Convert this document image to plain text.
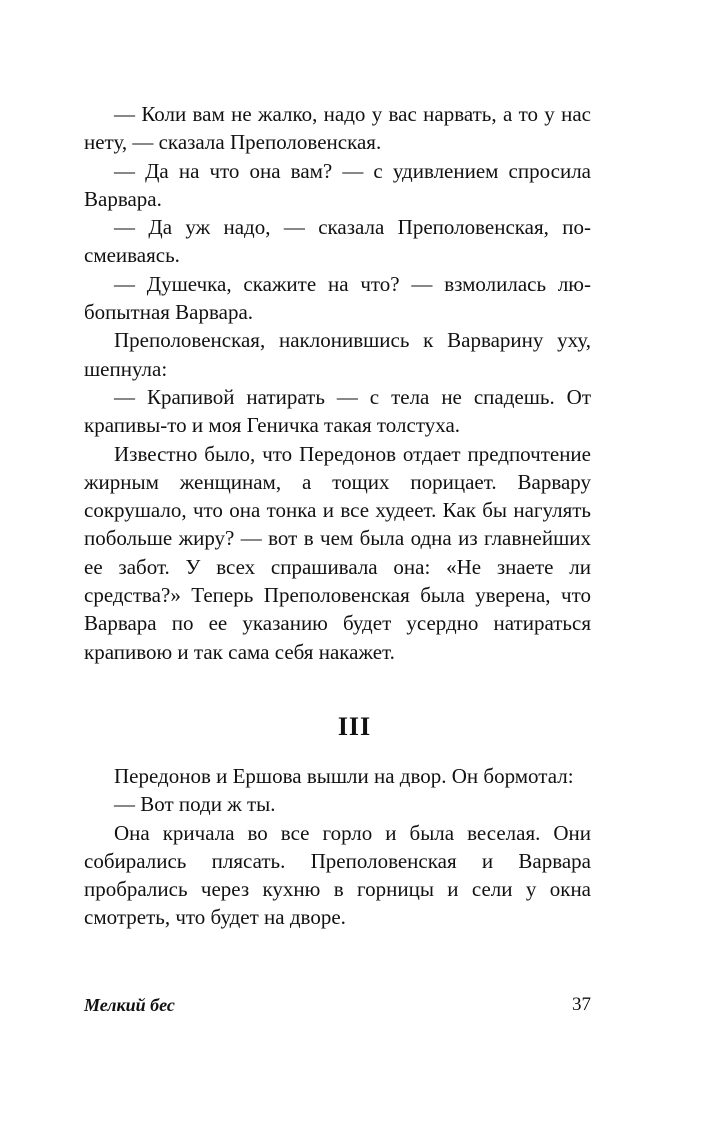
— Коли вам не жалко, надо у вас нарвать, а то у нас нету, — сказала Преполовенская.

— Да на что она вам? — с удивлением спросила Варвара.

— Да уж надо, — сказала Преполовенская, посмеиваясь.

— Душечка, скажите на что? — взмолилась любопытная Варвара.

Преполовенская, наклонившись к Варварину уху, шепнула:

— Крапивой натирать — с тела не спадешь. От крапивы-то и моя Геничка такая толстуха.

Известно было, что Передонов отдает предпочтение жирным женщинам, а тощих порицает. Варвару сокрушало, что она тонка и все худеет. Как бы нагулять побольше жиру? — вот в чем была одна из главнейших ее забот. У всех спрашивала она: «Не знаете ли средства?» Теперь Преполовенская была уверена, что Варвара по ее указанию будет усердно натираться крапивою и так сама себя накажет.

III

Передонов и Ершова вышли на двор. Он бормотал:

— Вот поди ж ты.

Она кричала во все горло и была веселая. Они собирались плясать. Преполовенская и Варвара пробрались через кухню в горницы и сели у окна смотреть, что будет на дворе.

Мелкий бес	37
